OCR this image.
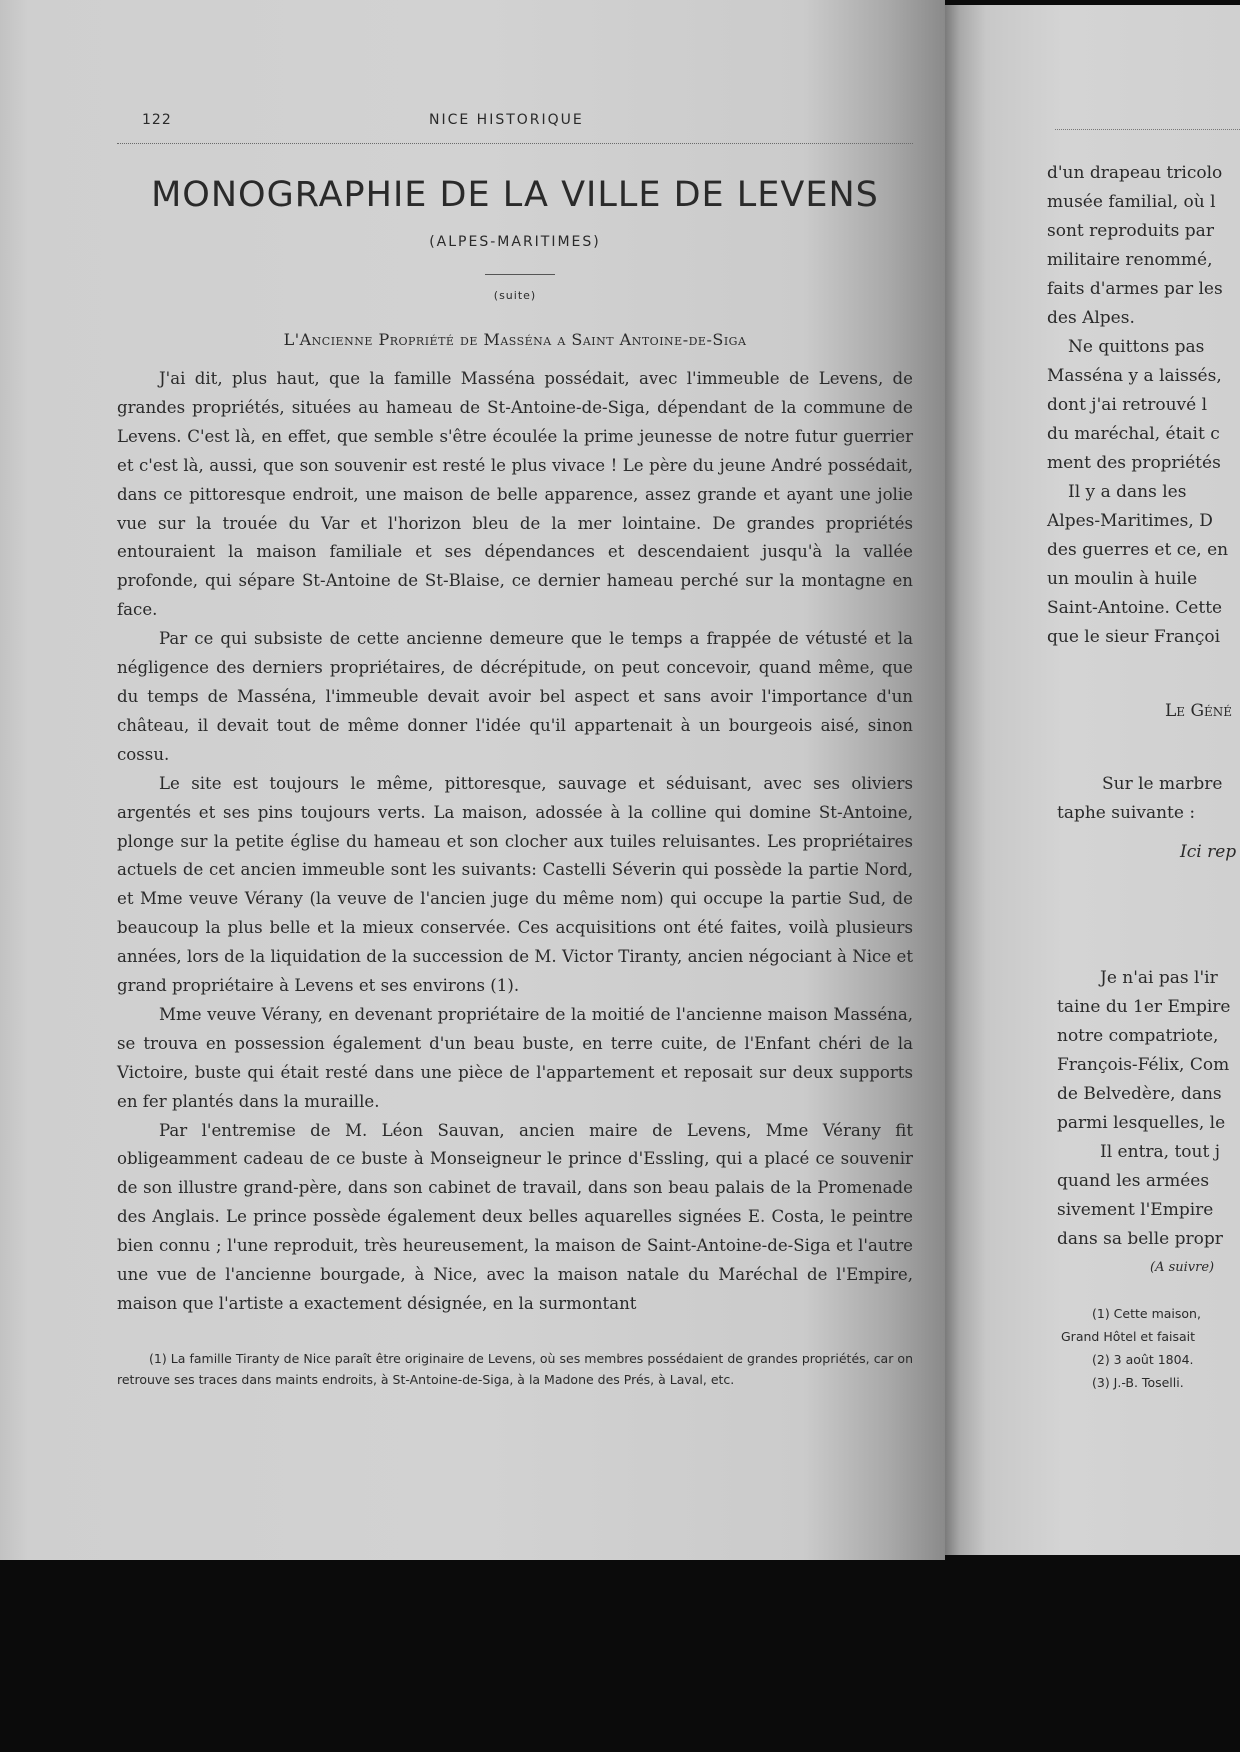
122	NICE HISTORIQUE
MONOGRAPHIE DE LA VILLE DE LEVENS
(ALPES-MARITIMES)
(suite)
L'Ancienne Propriété de Masséna a Saint Antoine-de-Siga

J'ai dit, plus haut, que la famille Masséna possédait, avec l'immeuble de Levens, de grandes propriétés, situées au hameau de St-Antoine-de-Siga, dépendant de la commune de Levens. C'est là, en effet, que semble s'être écoulée la prime jeunesse de notre futur guerrier et c'est là, aussi, que son souvenir est resté le plus vivace ! Le père du jeune André possédait, dans ce pittoresque endroit, une maison de belle apparence, assez grande et ayant une jolie vue sur la trouée du Var et l'horizon bleu de la mer lointaine. De grandes propriétés entouraient la maison familiale et ses dépendances et descendaient jusqu'à la vallée profonde, qui sépare St-Antoine de St-Blaise, ce dernier hameau perché sur la montagne en face.

Par ce qui subsiste de cette ancienne demeure que le temps a frappée de vétusté et la négligence des derniers propriétaires, de décrépitude, on peut concevoir, quand même, que du temps de Masséna, l'immeuble devait avoir bel aspect et sans avoir l'importance d'un château, il devait tout de même donner l'idée qu'il appartenait à un bourgeois aisé, sinon cossu.

Le site est toujours le même, pittoresque, sauvage et séduisant, avec ses oliviers argentés et ses pins toujours verts. La maison, adossée à la colline qui domine St-Antoine, plonge sur la petite église du hameau et son clocher aux tuiles reluisantes. Les propriétaires actuels de cet ancien immeuble sont les suivants: Castelli Séverin qui possède la partie Nord, et Mme veuve Vérany (la veuve de l'ancien juge du même nom) qui occupe la partie Sud, de beaucoup la plus belle et la mieux conservée. Ces acquisitions ont été faites, voilà plusieurs années, lors de la liquidation de la succession de M. Victor Tiranty, ancien négociant à Nice et grand propriétaire à Levens et ses environs (1).

Mme veuve Vérany, en devenant propriétaire de la moitié de l'ancienne maison Masséna, se trouva en possession également d'un beau buste, en terre cuite, de l'Enfant chéri de la Victoire, buste qui était resté dans une pièce de l'appartement et reposait sur deux supports en fer plantés dans la muraille.

Par l'entremise de M. Léon Sauvan, ancien maire de Levens, Mme Vérany fit obligeamment cadeau de ce buste à Monseigneur le prince d'Essling, qui a placé ce souvenir de son illustre grand-père, dans son cabinet de travail, dans son beau palais de la Promenade des Anglais. Le prince possède également deux belles aquarelles signées E. Costa, le peintre bien connu ; l'une reproduit, très heureusement, la maison de Saint-Antoine-de-Siga et l'autre une vue de l'ancienne bourgade, à Nice, avec la maison natale du Maréchal de l'Empire, maison que l'artiste a exactement désignée, en la surmontant

(1) La famille Tiranty de Nice paraît être originaire de Levens, où ses membres possédaient de grandes propriétés, car on retrouve ses traces dans maints endroits, à St-Antoine-de-Siga, à la Madone des Prés, à Laval, etc.

d'un drapeau tricolo
musée familial, où l
sont reproduits par
militaire renommé,
faits d'armes par les
des Alpes.
Ne quittons pas
Masséna y a laissés,
dont j'ai retrouvé l
du maréchal, était c
ment des propriétés
Il y a dans les
Alpes-Maritimes, D
des guerres et ce, en
un moulin à huile
Saint-Antoine. Cette
que le sieur Françoi
Le Géné
Sur le marbre
taphe suivante :
Ici rep
Je n'ai pas l'ir
taine du 1er Empire
notre compatriote,
François-Félix, Com
de Belvedère, dans
parmi lesquelles, le
Il entra, tout j
quand les armées
sivement l'Empire
dans sa belle propr
(A suivre)
(1) Cette maison,
Grand Hôtel et faisait
(2) 3 août 1804.
(3) J.-B. Toselli.
